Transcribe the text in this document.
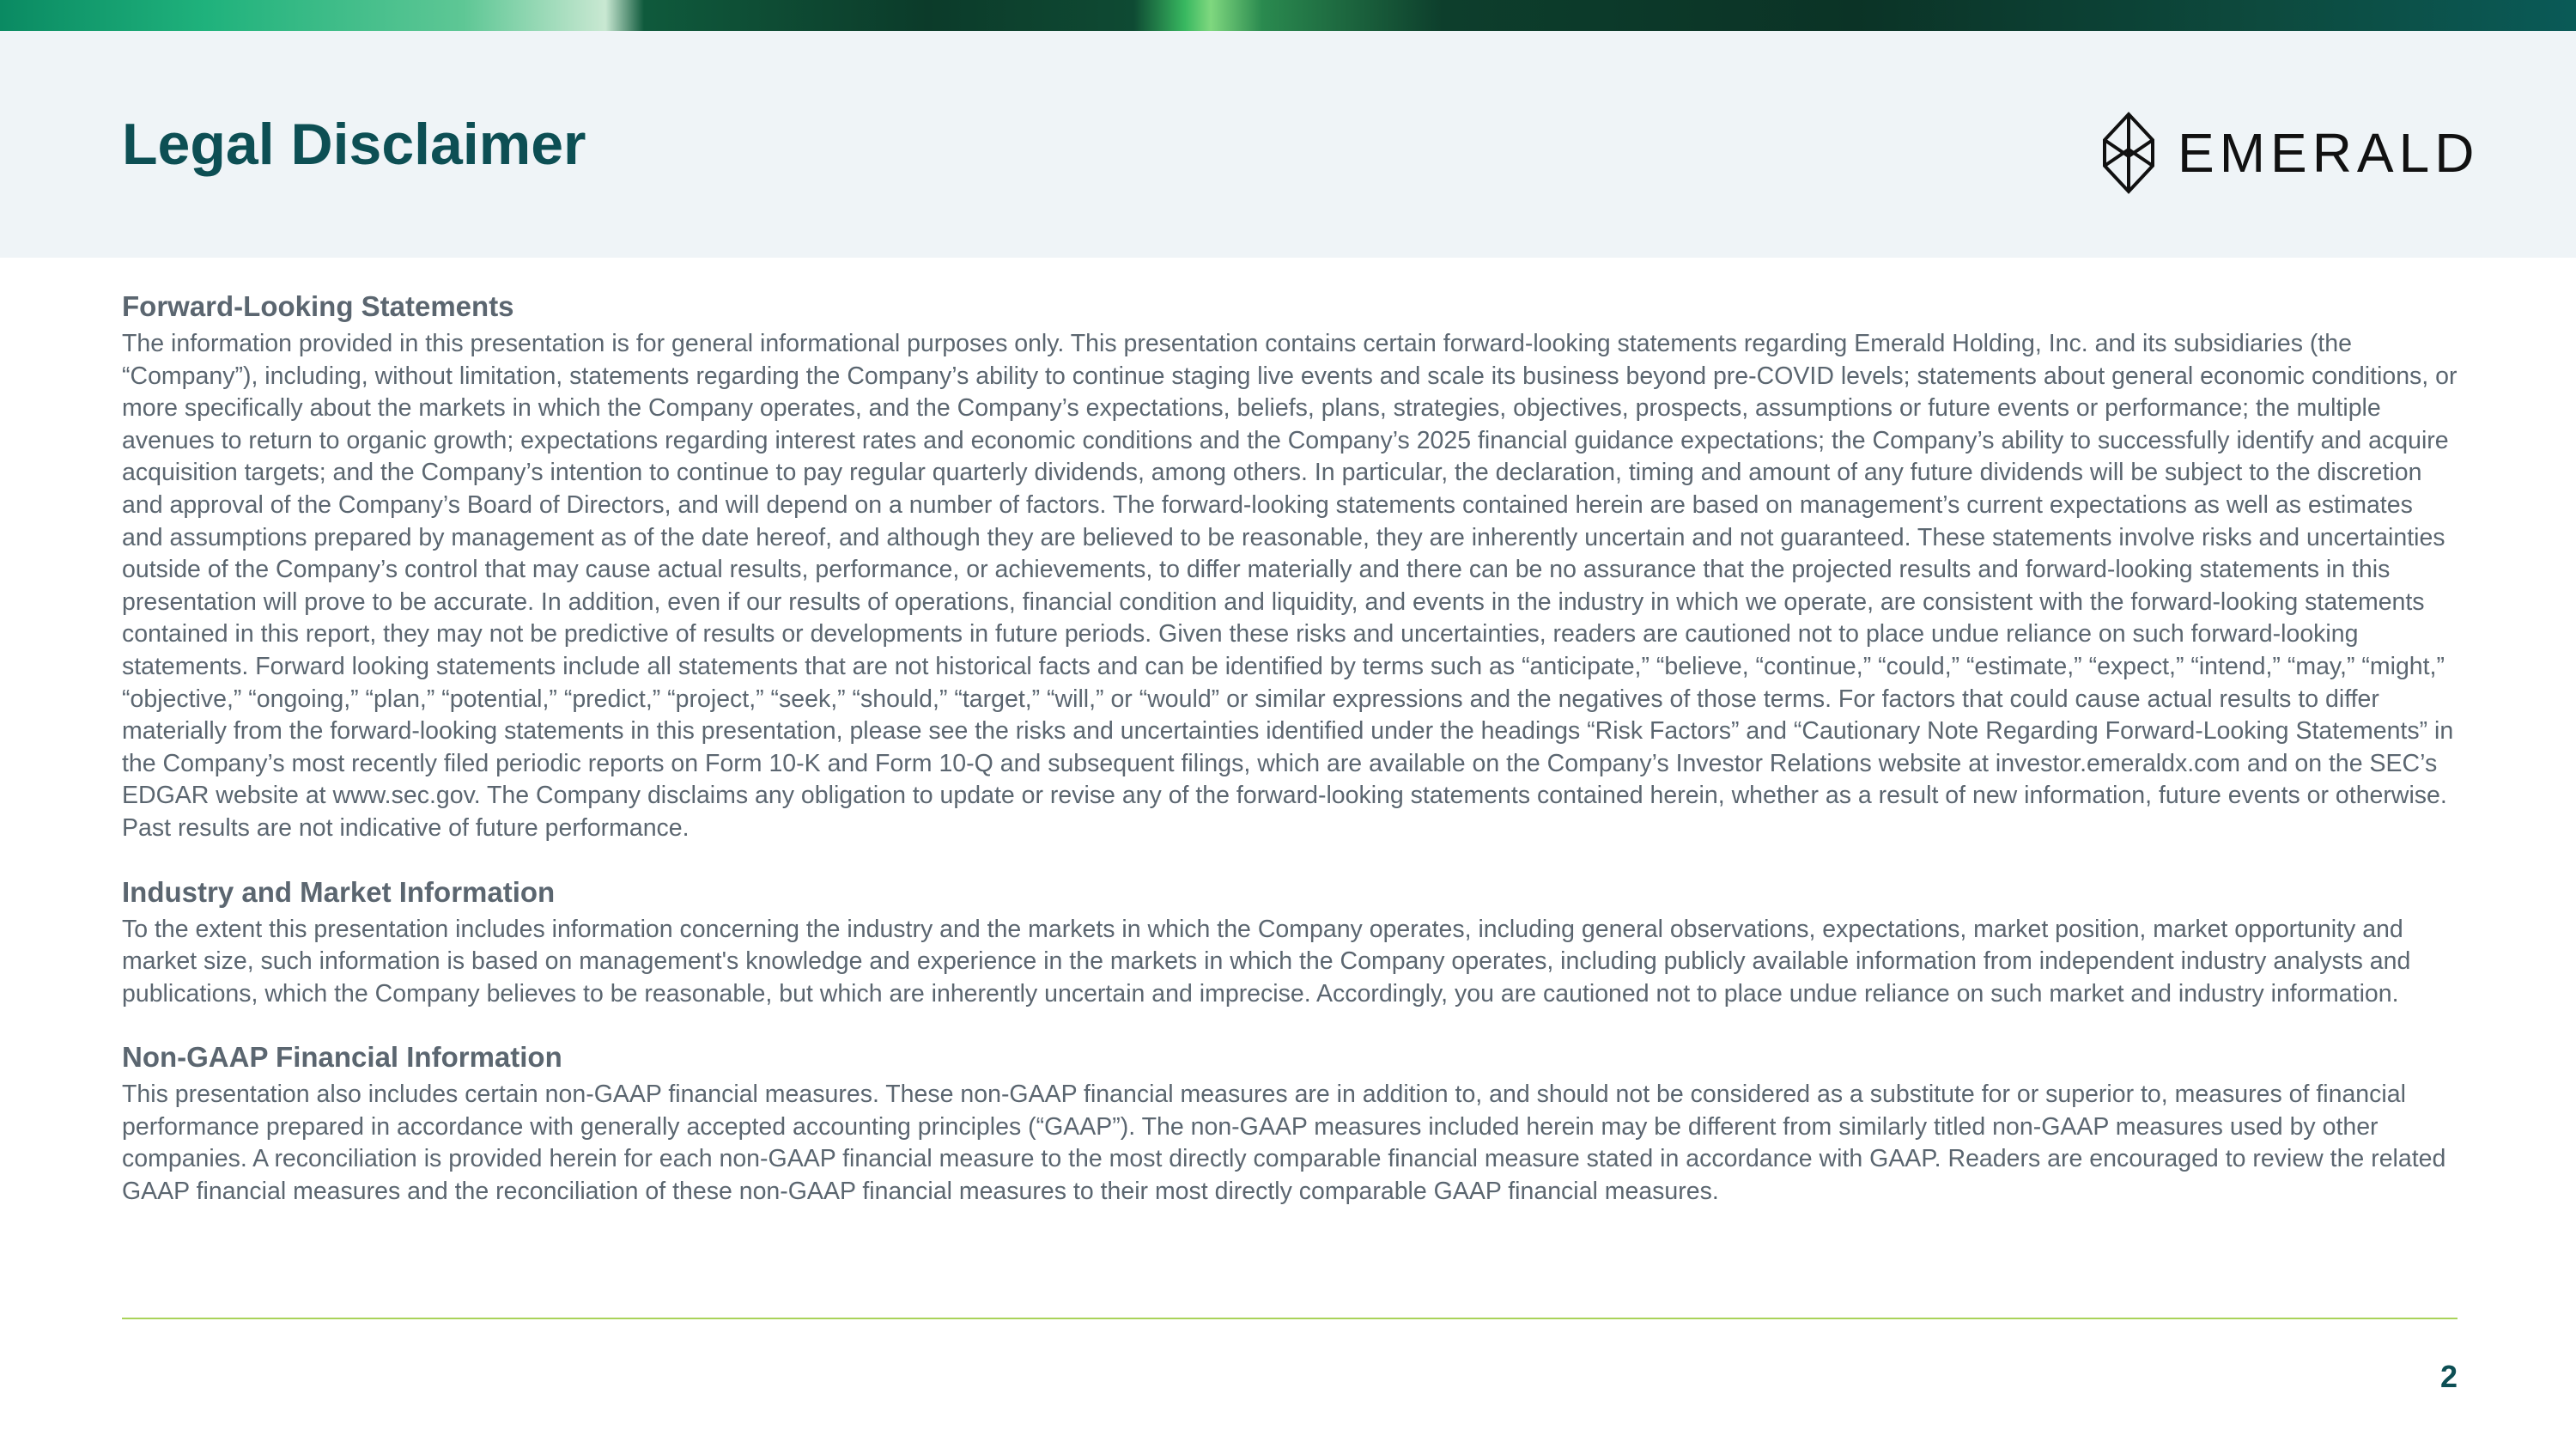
Legal Disclaimer	EMERALD
Forward-Looking Statements
The information provided in this presentation is for general informational purposes only. This presentation contains certain forward-looking statements regarding Emerald Holding, Inc. and its subsidiaries (the “Company”), including, without limitation, statements regarding the Company’s ability to continue staging live events and scale its business beyond pre-COVID levels; statements about general economic conditions, or more specifically about the markets in which the Company operates, and the Company’s expectations, beliefs, plans, strategies, objectives, prospects, assumptions or future events or performance; the multiple avenues to return to organic growth; expectations regarding interest rates and economic conditions and the Company’s 2025 financial guidance expectations; the Company’s ability to successfully identify and acquire acquisition targets; and the Company’s intention to continue to pay regular quarterly dividends, among others. In particular, the declaration, timing and amount of any future dividends will be subject to the discretion and approval of the Company’s Board of Directors, and will depend on a number of factors. The forward-looking statements contained herein are based on management’s current expectations as well as estimates and assumptions prepared by management as of the date hereof, and although they are believed to be reasonable, they are inherently uncertain and not guaranteed. These statements involve risks and uncertainties outside of the Company’s control that may cause actual results, performance, or achievements, to differ materially and there can be no assurance that the projected results and forward-looking statements in this presentation will prove to be accurate. In addition, even if our results of operations, financial condition and liquidity, and events in the industry in which we operate, are consistent with the forward-looking statements contained in this report, they may not be predictive of results or developments in future periods. Given these risks and uncertainties, readers are cautioned not to place undue reliance on such forward-looking statements. Forward looking statements include all statements that are not historical facts and can be identified by terms such as “anticipate,” “believe, “continue,” “could,” “estimate,” “expect,” “intend,” “may,” “might,” “objective,” “ongoing,” “plan,” “potential,” “predict,” “project,” “seek,” “should,” “target,” “will,” or “would” or similar expressions and the negatives of those terms. For factors that could cause actual results to differ materially from the forward-looking statements in this presentation, please see the risks and uncertainties identified under the headings “Risk Factors” and “Cautionary Note Regarding Forward-Looking Statements” in the Company’s most recently filed periodic reports on Form 10-K and Form 10-Q and subsequent filings, which are available on the Company’s Investor Relations website at investor.emeraldx.com and on the SEC’s EDGAR website at www.sec.gov. The Company disclaims any obligation to update or revise any of the forward-looking statements contained herein, whether as a result of new information, future events or otherwise. Past results are not indicative of future performance.
Industry and Market Information
To the extent this presentation includes information concerning the industry and the markets in which the Company operates, including general observations, expectations, market position, market opportunity and market size, such information is based on management's knowledge and experience in the markets in which the Company operates, including publicly available information from independent industry analysts and publications, which the Company believes to be reasonable, but which are inherently uncertain and imprecise. Accordingly, you are cautioned not to place undue reliance on such market and industry information.
Non-GAAP Financial Information
This presentation also includes certain non-GAAP financial measures. These non-GAAP financial measures are in addition to, and should not be considered as a substitute for or superior to, measures of financial performance prepared in accordance with generally accepted accounting principles (“GAAP”). The non-GAAP measures included herein may be different from similarly titled non-GAAP measures used by other companies. A reconciliation is provided herein for each non-GAAP financial measure to the most directly comparable financial measure stated in accordance with GAAP. Readers are encouraged to review the related GAAP financial measures and the reconciliation of these non-GAAP financial measures to their most directly comparable GAAP financial measures.
2
